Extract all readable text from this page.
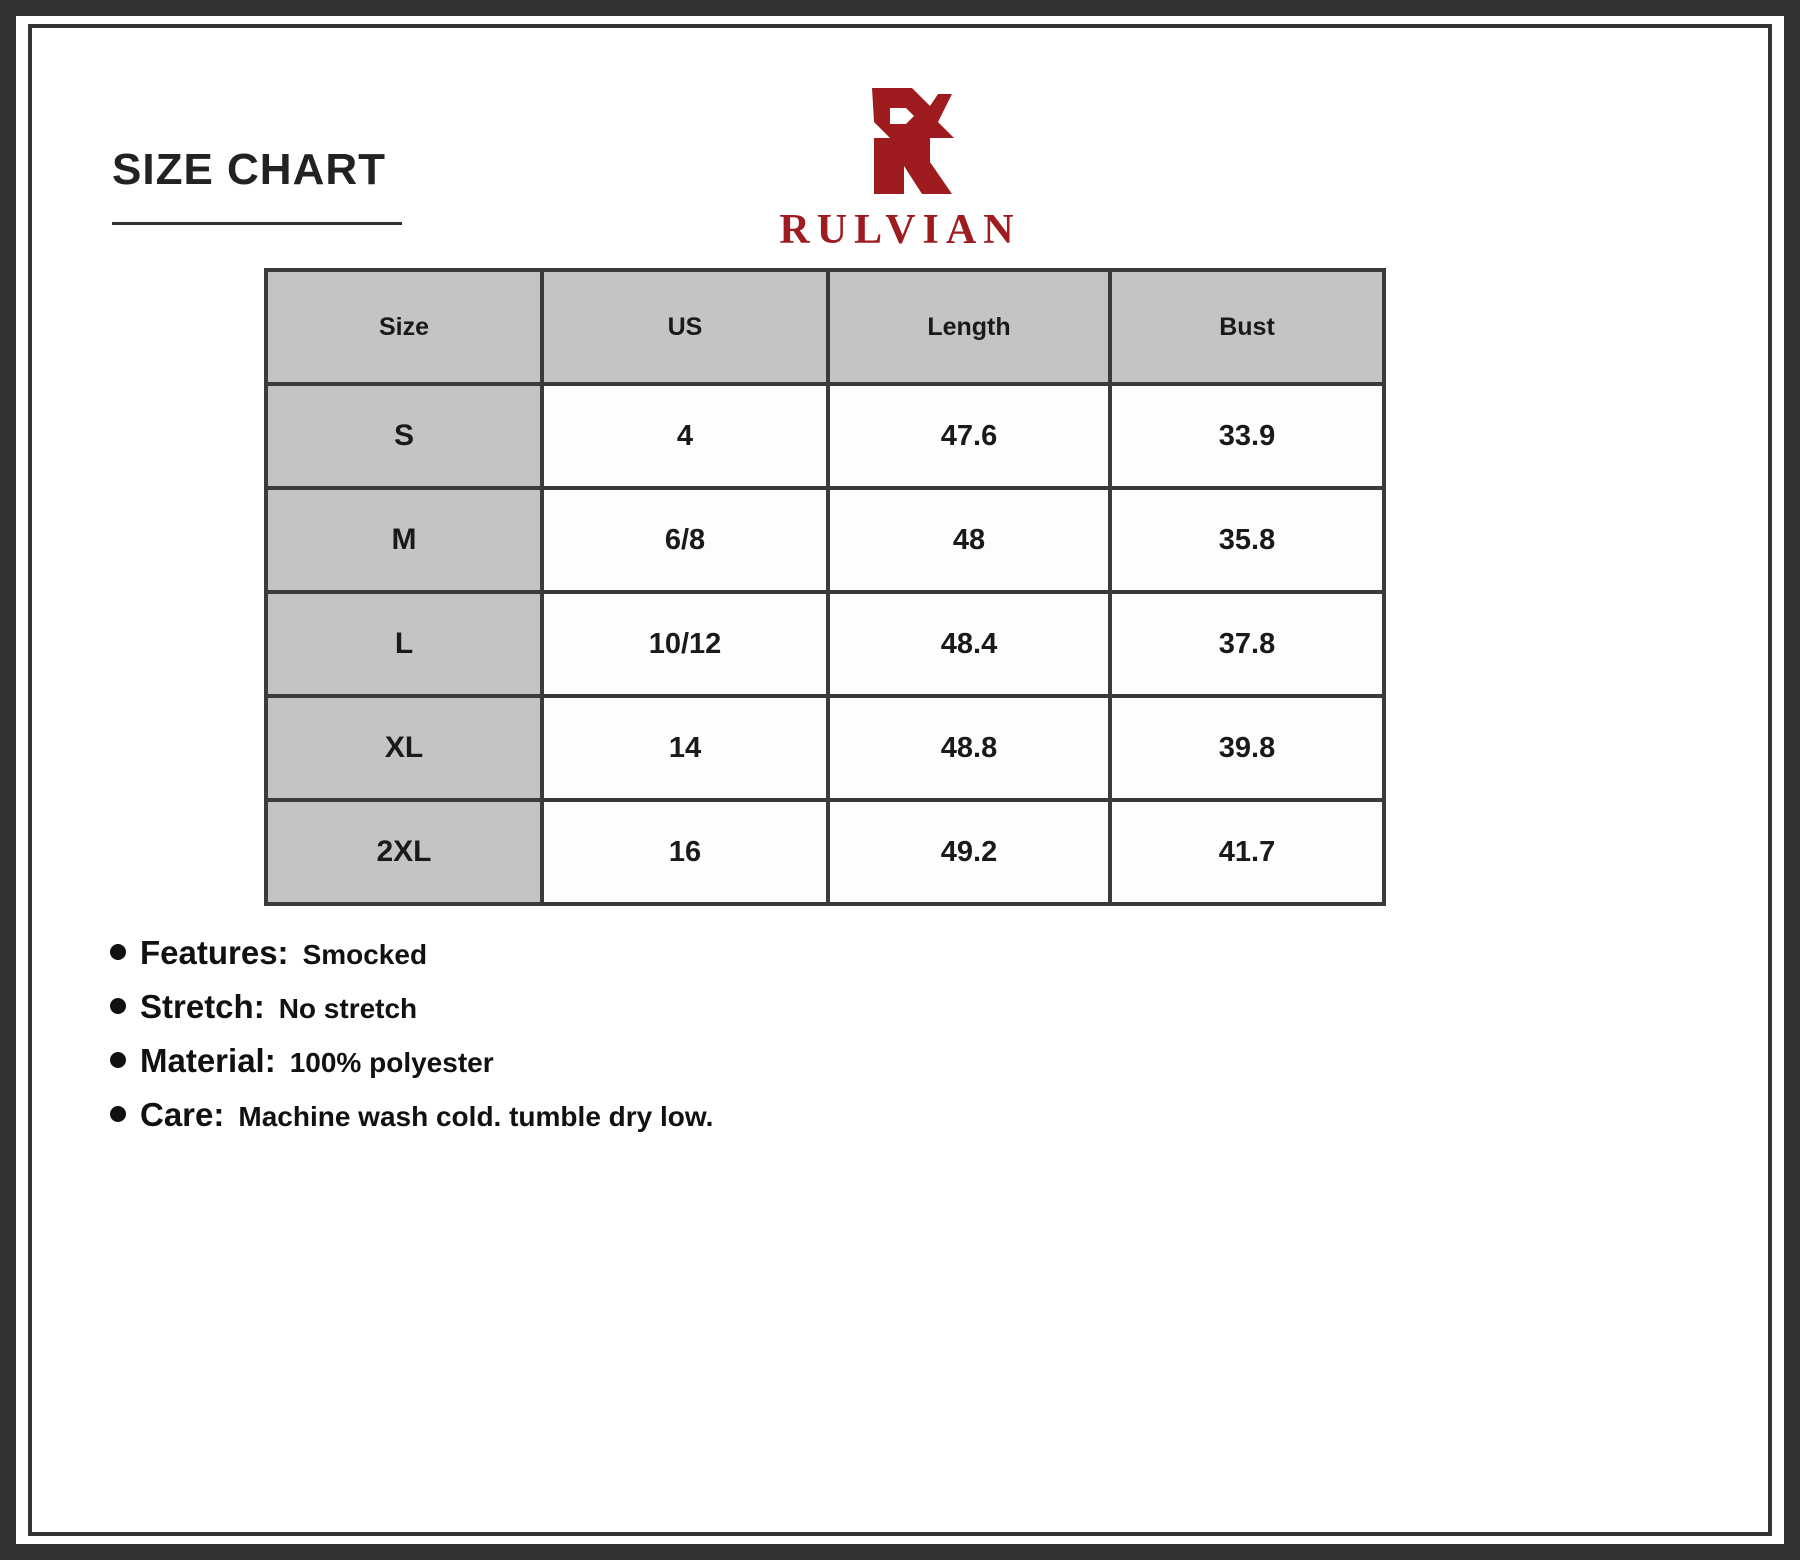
SIZE CHART
RULVIAN
Size	US	Length	Bust
S	4	47.6	33.9
M	6/8	48	35.8
L	10/12	48.4	37.8
XL	14	48.8	39.8
2XL	16	49.2	41.7
Features: Smocked
Stretch: No stretch
Material: 100% polyester
Care: Machine wash cold. tumble dry low.
